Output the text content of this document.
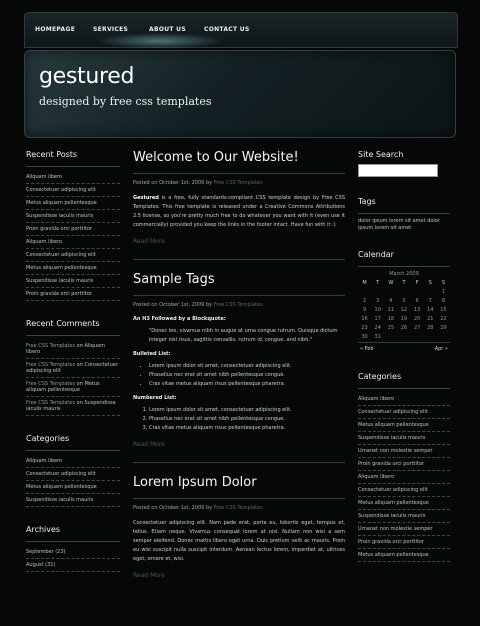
HOMEPAGE	SERVICES	ABOUT US	CONTACT US
gestured
designed by free css templates
Recent Posts
Aliquam libero
Consectetuer adipiscing elit
Metus aliquam pellentesque
Suspendisse iaculis mauris
Proin gravida orci porttitor
Aliquam libero
Consectetuer adipiscing elit
Metus aliquam pellentesque
Suspendisse iaculis mauris
Proin gravida orci porttitor
Recent Comments
Free CSS Templates on Aliquam libero
Free CSS Templates on Consectetuer adipiscing elit
Free CSS Templates on Metus aliquam pellentesque
Free CSS Templates on Suspendisse iaculis mauris
Categories
Aliquam libero
Consectetuer adipiscing elit
Metus aliquam pellentesque
Suspendisse iaculis mauris
Archives
September (23)
August (31)
Welcome to Our Website!
Posted on October 1st, 2009 by Free CSS Templates
Gestured is a free, fully standards-compliant CSS template design by Free CSS Templates. This free template is released under a Creative Commons Attributions 2.5 license, so you're pretty much free to do whatever you want with it (even use it commercially) provided you keep the links in the footer intact. Have fun with it :)
Read More
Sample Tags
Posted on October 1st, 2009 by Free CSS Templates
An H3 Followed by a Blockquote:
"Donec leo, vivamus nibh in augue at urna congue rutrum. Quisque dictum integer nisl risus, sagittis convallis, rutrum id, congue, and nibh."
Bulleted List:
• Lorem ipsum dolor sit amet, consectetuer adipiscing elit.
• Phasellus nec erat sit amet nibh pellentesque congue.
• Cras vitae metus aliquam risus pellentesque pharetra.
Numbered List:
1. Lorem ipsum dolor sit amet, consectetuer adipiscing elit.
2. Phasellus nec erat sit amet nibh pellentesque congue.
3. Cras vitae metus aliquam risus pellentesque pharetra.
Read More
Lorem Ipsum Dolor
Posted on October 1st, 2009 by Free CSS Templates
Consectetuer adipiscing elit. Nam pede erat, porta eu, lobortis eget, tempus et, tellus. Etiam neque. Vivamus consequat lorem at nisl. Nullam non wisi a sem semper eleifend. Donec mattis libero eget urna. Duis pretium velit ac mauris. Proin eu wisi suscipit nulla suscipit interdum. Aenean lectus lorem, imperdiet at, ultrices eget, ornare et, wisi.
Read More
Site Search
Tags
dolor ipsum lorem sit amet dolor ipsum lorem sit amet
Calendar
March 2009
M	T	W	T	F	S	S
						1
2	3	4	5	6	7	8
9	10	11	12	13	14	15
16	17	18	19	20	21	22
23	24	25	26	27	28	29
30	31					
« Feb	Apr »
Categories
Aliquam libero
Consectetuer adipiscing elit
Metus aliquam pellentesque
Suspendisse iaculis mauris
Urnanet non molestie semper
Proin gravida orci porttitor
Aliquam libero
Consectetuer adipiscing elit
Metus aliquam pellentesque
Suspendisse iaculis mauris
Urnanet non molestie semper
Proin gravida orci porttitor
Metus aliquam pellentesque
